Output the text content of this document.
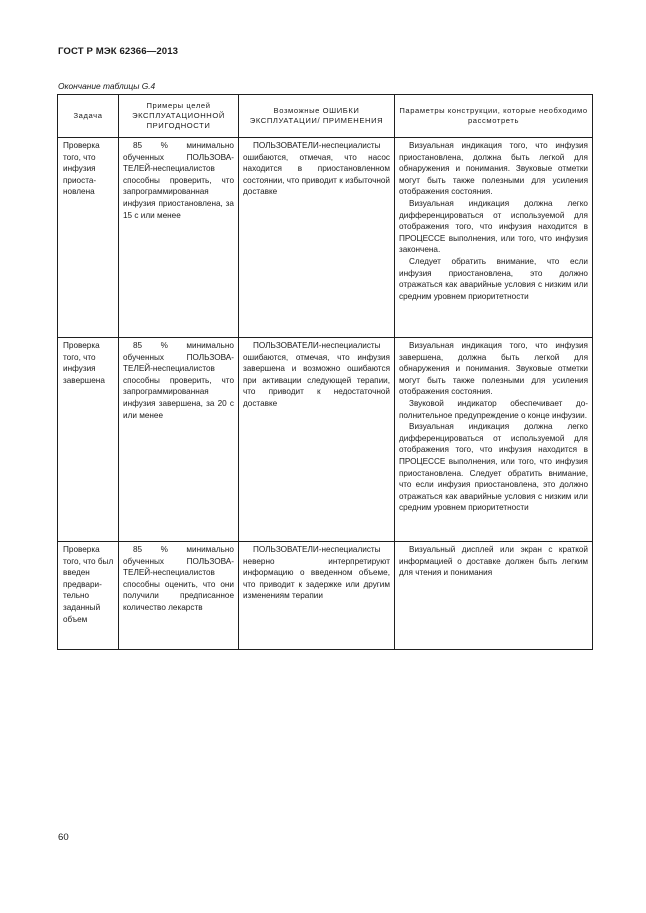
ГОСТ Р МЭК 62366—2013
Окончание таблицы G.4
Задача	Примеры целей ЭКСПЛУАТАЦИОННОЙ ПРИГОДНОСТИ	Возможные ОШИБКИ ЭКСПЛУАТАЦИИ/ ПРИМЕНЕНИЯ	Параметры конструкции, которые необходимо рассмотреть
Проверка того, что инфузия приостановлена	85 % минимально обученных ПОЛЬЗОВАТЕЛЕЙ-неспециалистов способны проверить, что запрограммированная инфузия приостановлена, за 15 с или менее	ПОЛЬЗОВАТЕЛИ-неспециалисты ошибаются, отмечая, что насос находится в приостановленном состоянии, что приводит к избыточной доставке	Визуальная индикация того, что инфузия приостановлена, должна быть легкой для обнаружения и понимания. Звуковые отметки могут быть также полезными для усиления отображения состояния.
Визуальная индикация должна легко дифференцироваться от используемой для отображения того, что инфузия находится в ПРОЦЕССЕ выполнения, или того, что инфузия закончена.
Следует обратить внимание, что если инфузия приостановлена, это должно отражаться как аварийные условия с низким или средним уровнем приоритетности

Проверка того, что инфузия завершена	85 % минимально обученных ПОЛЬЗОВАТЕЛЕЙ-неспециалистов способны проверить, что запрограммированная инфузия завершена, за 20 с или менее	ПОЛЬЗОВАТЕЛИ-неспециалисты ошибаются, отмечая, что инфузия завершена и возможно ошибаются при активации следующей терапии, что приводит к недостаточной доставке	Визуальная индикация того, что инфузия завершена, должна быть легкой для обнаружения и понимания. Звуковые отметки могут быть также полезными для усиления отображения состояния.
Звуковой индикатор обеспечивает дополнительное предупреждение о конце инфузии.
Визуальная индикация должна легко дифференцироваться от используемой для отображения того, что инфузия находится в ПРОЦЕССЕ выполнения, или того, что инфузия приостановлена. Следует обратить внимание, что если инфузия приостановлена, это должно отражаться как аварийные условия с низким или средним уровнем приоритетности

Проверка того, что был введен предварительно заданный объем	85 % минимально обученных ПОЛЬЗОВАТЕЛЕЙ-неспециалистов способны оценить, что они получили предписанное количество лекарств	ПОЛЬЗОВАТЕЛИ-неспециалисты неверно интерпретируют информацию о введенном объеме, что приводит к задержке или другим изменениям терапии	Визуальный дисплей или экран с краткой информацией о доставке должен быть легким для чтения и понимания
60
